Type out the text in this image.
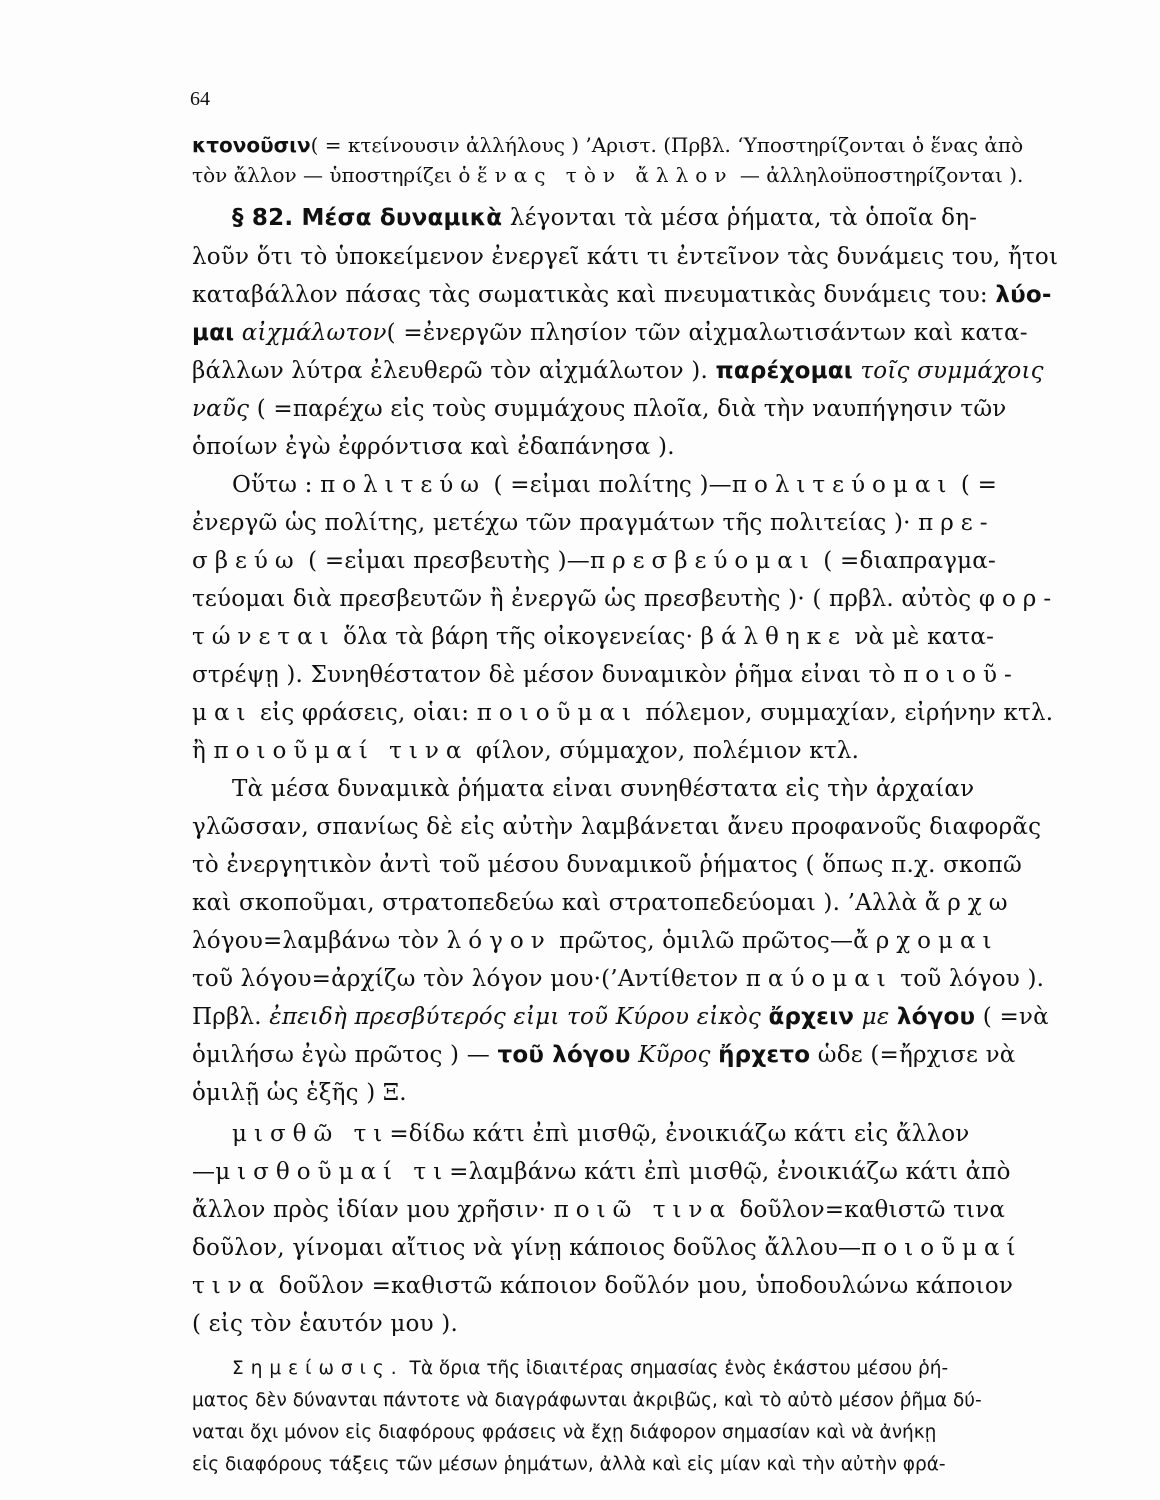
64
κτονοῦσιν( = κτείνουσιν ἀλλήλους ) ’Αριστ. (Πρβλ. ‘Υποστηρίζονται ὁ ἕνας ἀπὸ
τὸν ἄλλον — ὑποστηρίζει ὁ ἕνας τὸν ἄλλον — ἀλληλοϋποστηρίζονται ).
§ 82. Μέσα δυναμικὰ λέγονται τὰ μέσα ῥήματα, τὰ ὁποῖα δη-
λοῦν ὅτι τὸ ὑποκείμενον ἐνεργεῖ κάτι τι ἐντεῖνον τὰς δυνάμεις του, ἤτοι
καταβάλλον πάσας τὰς σωματικὰς καὶ πνευματικὰς δυνάμεις του: λύο-
μαι αἰχμάλωτον( =ἐνεργῶν πλησίον τῶν αἰχμαλωτισάντων καὶ κατα-
βάλλων λύτρα ἐλευθερῶ τὸν αἰχμάλωτον ). παρέχομαι τοῖς συμμάχοις
ναῦς ( =παρέχω εἰς τοὺς συμμάχους πλοῖα, διὰ τὴν ναυπήγησιν τῶν
ὁποίων ἐγὼ ἐφρόντισα καὶ ἐδαπάνησα ).
Οὕτω : πολιτεύω ( =εἶμαι πολίτης )—πολιτεύομαι ( =
ἐνεργῶ ὡς πολίτης, μετέχω τῶν πραγμάτων τῆς πολιτείας )· πρε-
σβεύω ( =εἶμαι πρεσβευτὴς )—πρεσβεύομαι ( =διαπραγμα-
τεύομαι διὰ πρεσβευτῶν ἢ ἐνεργῶ ὡς πρεσβευτὴς )· ( πρβλ. αὐτὸς φορ-
τώνεται ὅλα τὰ βάρη τῆς οἰκογενείας· βάλθηκε νὰ μὲ κατα-
στρέψῃ ). Συνηθέστατον δὲ μέσον δυναμικὸν ῥῆμα εἶναι τὸ ποιοῦ-
μαι εἰς φράσεις, οἷαι: ποιοῦμαι πόλεμον, συμμαχίαν, εἰρήνην κτλ.
ἢ ποιοῦμαί τινα φίλον, σύμμαχον, πολέμιον κτλ.
Τὰ μέσα δυναμικὰ ῥήματα εἶναι συνηθέστατα εἰς τὴν ἀρχαίαν
γλῶσσαν, σπανίως δὲ εἰς αὐτὴν λαμβάνεται ἄνευ προφανοῦς διαφορᾶς
τὸ ἐνεργητικὸν ἀντὶ τοῦ μέσου δυναμικοῦ ῥήματος ( ὅπως π.χ. σκοπῶ
καὶ σκοποῦμαι, στρατοπεδεύω καὶ στρατοπεδεύομαι ). ’Αλλὰ ἄρχω
λόγου=λαμβάνω τὸν λόγον πρῶτος, ὁμιλῶ πρῶτος—ἄρχομαι
τοῦ λόγου=ἀρχίζω τὸν λόγον μου·(’Αντίθετον παύομαι τοῦ λόγου ).
Πρβλ. ἐπειδὴ πρεσβύτερός εἰμι τοῦ Κύρου εἰκὸς ἄρχειν με λόγου ( =νὰ
ὁμιλήσω ἐγὼ πρῶτος ) — τοῦ λόγου Κῦρος ἤρχετο ὧδε (=ἤρχισε νὰ
ὁμιλῇ ὡς ἑξῆς ) Ξ.
μισθῶ τι=δίδω κάτι ἐπὶ μισθῷ, ἐνοικιάζω κάτι εἰς ἄλλον
—μισθοῦμαί τι=λαμβάνω κάτι ἐπὶ μισθῷ, ἐνοικιάζω κάτι ἀπὸ
ἄλλον πρὸς ἰδίαν μου χρῆσιν· ποιῶ τινα δοῦλον=καθιστῶ τινα
δοῦλον, γίνομαι αἴτιος νὰ γίνῃ κάποιος δοῦλος ἄλλου—ποιοῦμαί
τινα δοῦλον =καθιστῶ κάποιον δοῦλόν μου, ὑποδουλώνω κάποιον
( εἰς τὸν ἑαυτόν μου ).
Σημείωσις. Τὰ ὅρια τῆς ἰδιαιτέρας σημασίας ἑνὸς ἑκάστου μέσου ῥή-
ματος δὲν δύνανται πάντοτε νὰ διαγράφωνται ἀκριβῶς, καὶ τὸ αὐτὸ μέσον ῥῆμα δύ-
ναται ὄχι μόνον εἰς διαφόρους φράσεις νὰ ἔχῃ διάφορον σημασίαν καὶ νὰ ἀνήκῃ
εἰς διαφόρους τάξεις τῶν μέσων ῥημάτων, ἀλλὰ καὶ εἰς μίαν καὶ τὴν αὐτὴν φρά-
